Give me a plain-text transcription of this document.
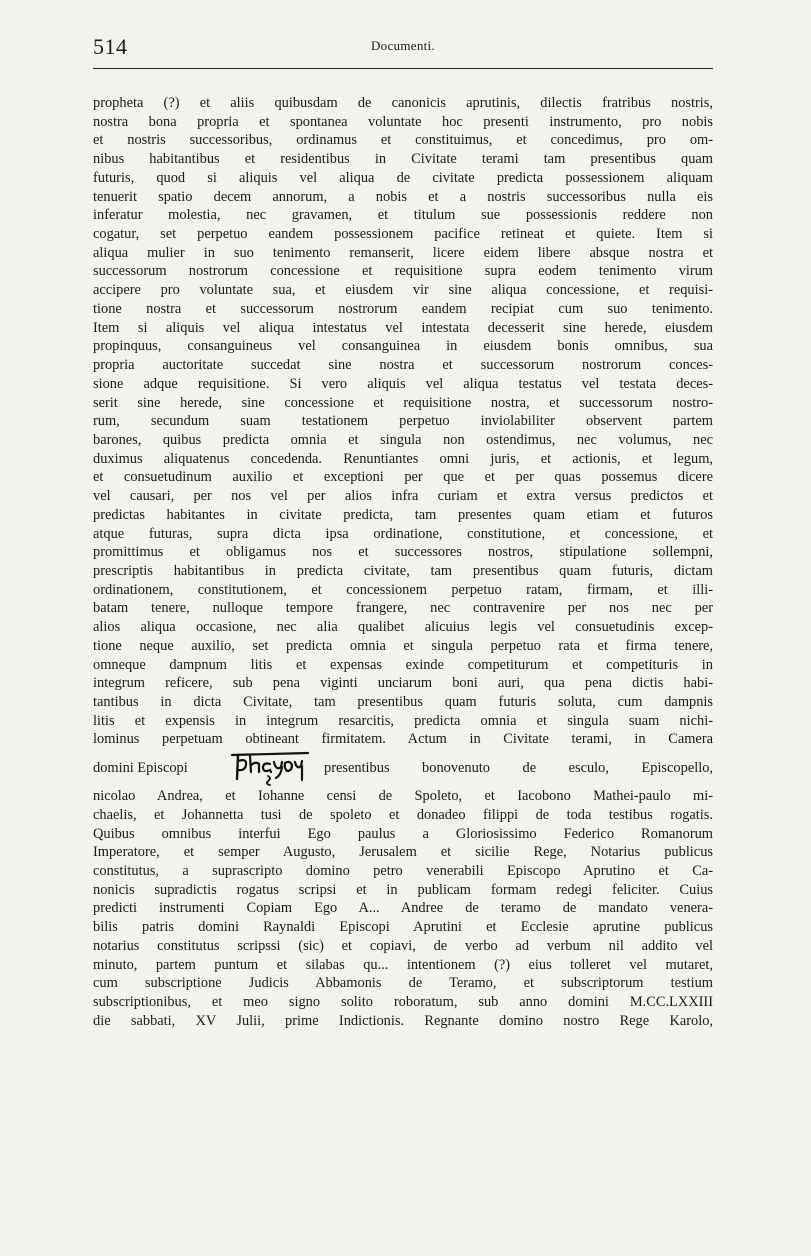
514	Documenti.
propheta (?) et aliis quibusdam de canonicis aprutinis, dilectis fratribus nostris,
nostra bona propria et spontanea voluntate hoc presenti instrumento, pro nobis
et nostris successoribus, ordinamus et constituimus, et concedimus, pro om-
nibus habitantibus et residentibus in Civitate terami tam presentibus quam
futuris, quod si aliquis vel aliqua de civitate predicta possessionem aliquam
tenuerit spatio decem annorum, a nobis et a nostris successoribus nulla eis
inferatur molestia, nec gravamen, et titulum sue possessionis reddere non
cogatur, set perpetuo eandem possessionem pacifice retineat et quiete. Item si
aliqua mulier in suo tenimento remanserit, licere eidem libere absque nostra et
successorum nostrorum concessione et requisitione supra eodem tenimento virum
accipere pro voluntate sua, et eiusdem vir sine aliqua concessione, et requisi-
tione nostra et successorum nostrorum eandem recipiat cum suo tenimento.
Item si aliquis vel aliqua intestatus vel intestata decesserit sine herede, eiusdem
propinquus, consanguineus vel consanguinea in eiusdem bonis omnibus, sua
propria auctoritate succedat sine nostra et successorum nostrorum conces-
sione adque requisitione. Si vero aliquis vel aliqua testatus vel testata deces-
serit sine herede, sine concessione et requisitione nostra, et successorum nostro-
rum, secundum suam testationem perpetuo inviolabiliter observent partem
barones, quibus predicta omnia et singula non ostendimus, nec volumus, nec
duximus aliquatenus concedenda. Renuntiantes omni juris, et actionis, et legum,
et consuetudinum auxilio et exceptioni per que et per quas possemus dicere
vel causari, per nos vel per alios infra curiam et extra versus predictos et
predictas habitantes in civitate predicta, tam presentes quam etiam et futuros
atque futuras, supra dicta ipsa ordinatione, constitutione, et concessione, et
promittimus et obligamus nos et successores nostros, stipulatione sollempni,
prescriptis habitantibus in predicta civitate, tam presentibus quam futuris, dictam
ordinationem, constitutionem, et concessionem perpetuo ratam, firmam, et illi-
batam tenere, nulloque tempore frangere, nec contravenire per nos nec per
alios aliqua occasione, nec alia qualibet alicuius legis vel consuetudinis excep-
tione neque auxilio, set predicta omnia et singula perpetuo rata et firma tenere,
omneque dampnum litis et expensas exinde competiturum et competituris in
integrum reficere, sub pena viginti unciarum boni auri, qua pena dictis habi-
tantibus in dicta Civitate, tam presentibus quam futuris soluta, cum dampnis
litis et expensis in integrum resarcitis, predicta omnia et singula suam nichi-
lominus perpetuam obtineant firmitatem. Actum in Civitate terami, in Camera
domini Episcopi	presentibus bonovenuto de esculo, Episcopello,
nicolao Andrea, et Iohanne censi de Spoleto, et Iacobono Mathei-paulo mi-
chaelis, et Johannetta tusi de spoleto et donadeo filippi de toda testibus rogatis.
Quibus omnibus interfui Ego paulus a Gloriosissimo Federico Romanorum
Imperatore, et semper Augusto, Jerusalem et sicilie Rege, Notarius publicus
constitutus, a suprascripto domino petro venerabili Episcopo Aprutino et Ca-
nonicis supradictis rogatus scripsi et in publicam formam redegi feliciter. Cuius
predicti instrumenti Copiam Ego A... Andree de teramo de mandato venera-
bilis patris domini Raynaldi Episcopi Aprutini et Ecclesie aprutine publicus
notarius constitutus scripssi (sic) et copiavi, de verbo ad verbum nil addito vel
minuto, partem puntum et silabas qu... intentionem (?) eius tolleret vel mutaret,
cum subscriptione Judicis Abbamonis de Teramo, et subscriptorum testium
subscriptionibus, et meo signo solito roboratum, sub anno domini M.CC.LXXIII
die sabbati, XV Julii, prime Indictionis. Regnante domino nostro Rege Karolo,
